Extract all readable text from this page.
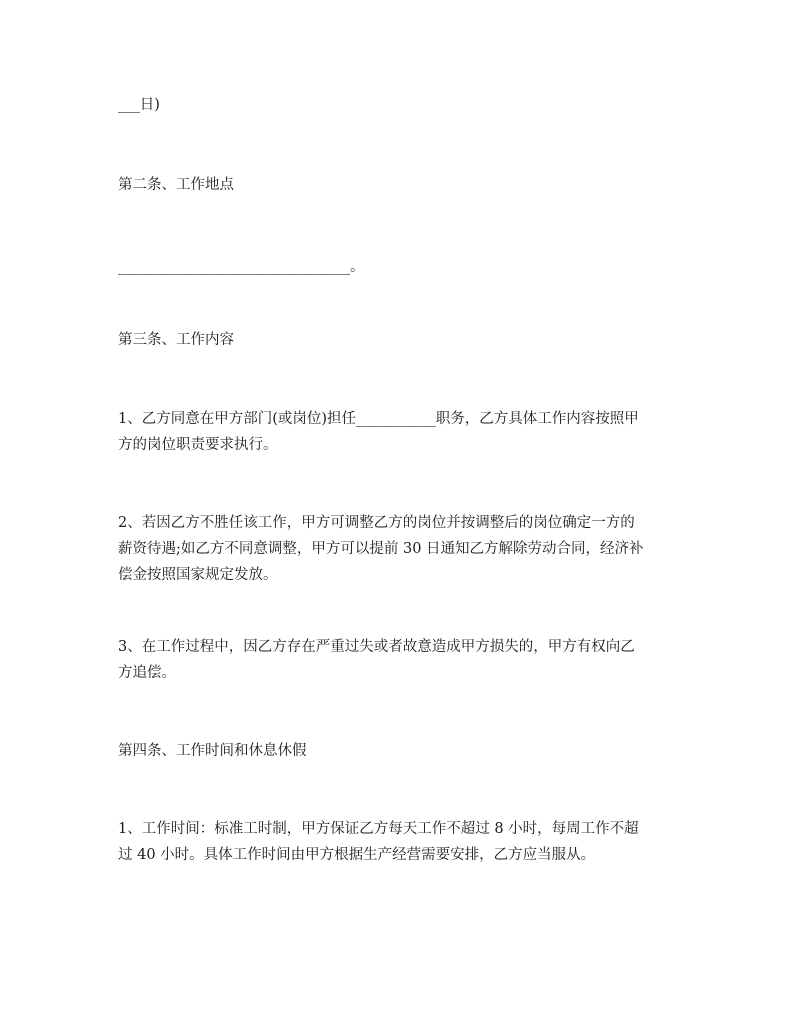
___日)
第二条、工作地点
________________________________。
第三条、工作内容
1、乙方同意在甲方部门(或岗位)担任___________职务，乙方具体工作内容按照甲
方的岗位职责要求执行。
2、若因乙方不胜任该工作，甲方可调整乙方的岗位并按调整后的岗位确定一方的
薪资待遇;如乙方不同意调整，甲方可以提前 30 日通知乙方解除劳动合同，经济补
偿金按照国家规定发放。
3、在工作过程中，因乙方存在严重过失或者故意造成甲方损失的，甲方有权向乙
方追偿。
第四条、工作时间和休息休假
1、工作时间：标准工时制，甲方保证乙方每天工作不超过 8 小时，每周工作不超
过 40 小时。具体工作时间由甲方根据生产经营需要安排，乙方应当服从。
